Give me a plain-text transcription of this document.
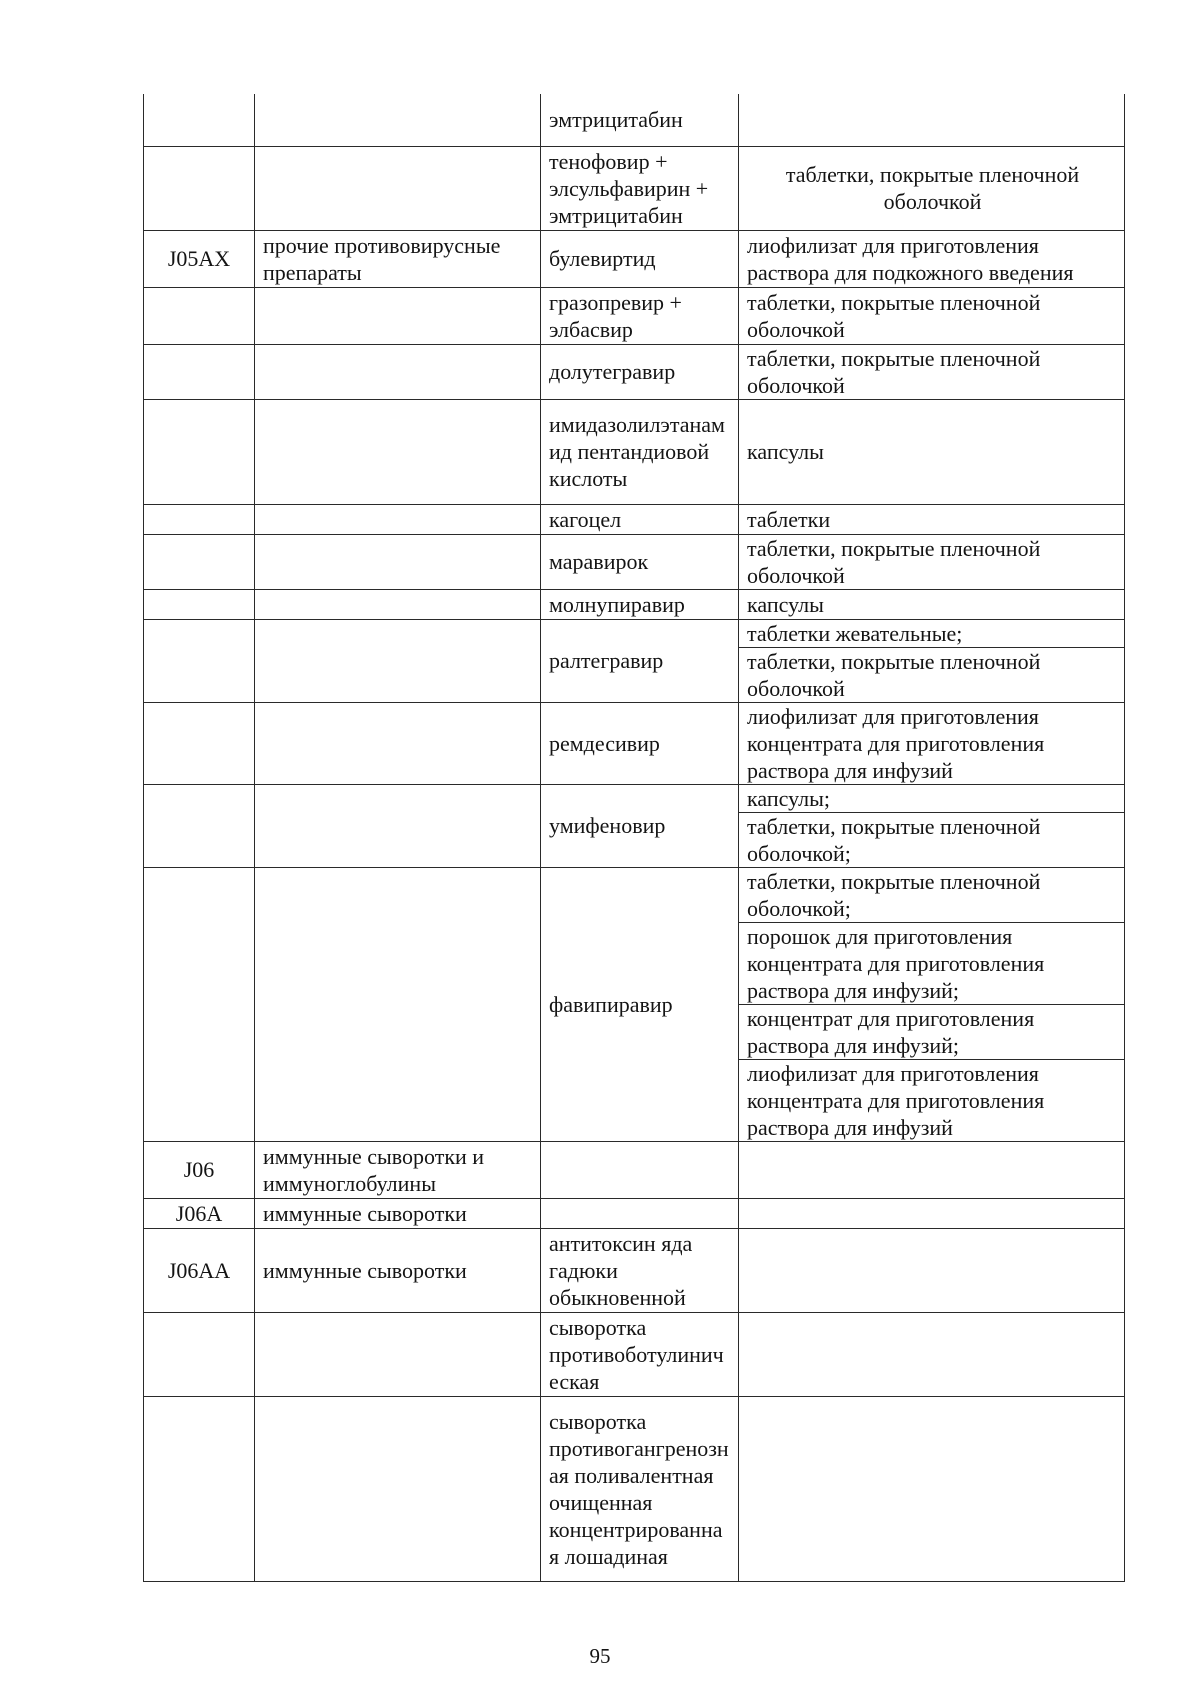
		эмтрицитабин	

		тенофовир + элсульфавирин + эмтрицитабин	таблетки, покрытые пленочной оболочкой

J05AX	прочие противовирусные препараты	булевиртид	лиофилизат для приготовления раствора для подкожного введения

		гразопревир + элбасвир	таблетки, покрытые пленочной оболочкой

		долутегравир	таблетки, покрытые пленочной оболочкой

		имидазолилэтанамид пентандиовой кислоты	капсулы

		кагоцел	таблетки

		маравирок	таблетки, покрытые пленочной оболочкой

		молнупиравир	капсулы

		ралтегравир	таблетки жевательные;
таблетки, покрытые пленочной оболочкой

		ремдесивир	лиофилизат для приготовления концентрата для приготовления раствора для инфузий

		умифеновир	капсулы;
таблетки, покрытые пленочной оболочкой;

		фавипиравир	таблетки, покрытые пленочной оболочкой;
порошок для приготовления концентрата для приготовления раствора для инфузий;
концентрат для приготовления раствора для инфузий;
лиофилизат для приготовления концентрата для приготовления раствора для инфузий

J06	иммунные сыворотки и иммуноглобулины		

J06A	иммунные сыворотки		

J06AA	иммунные сыворотки	антитоксин яда гадюки обыкновенной	

		сыворотка противоботулиническая	

		сыворотка противогангренозная поливалентная очищенная концентрированная лошадиная	
95
